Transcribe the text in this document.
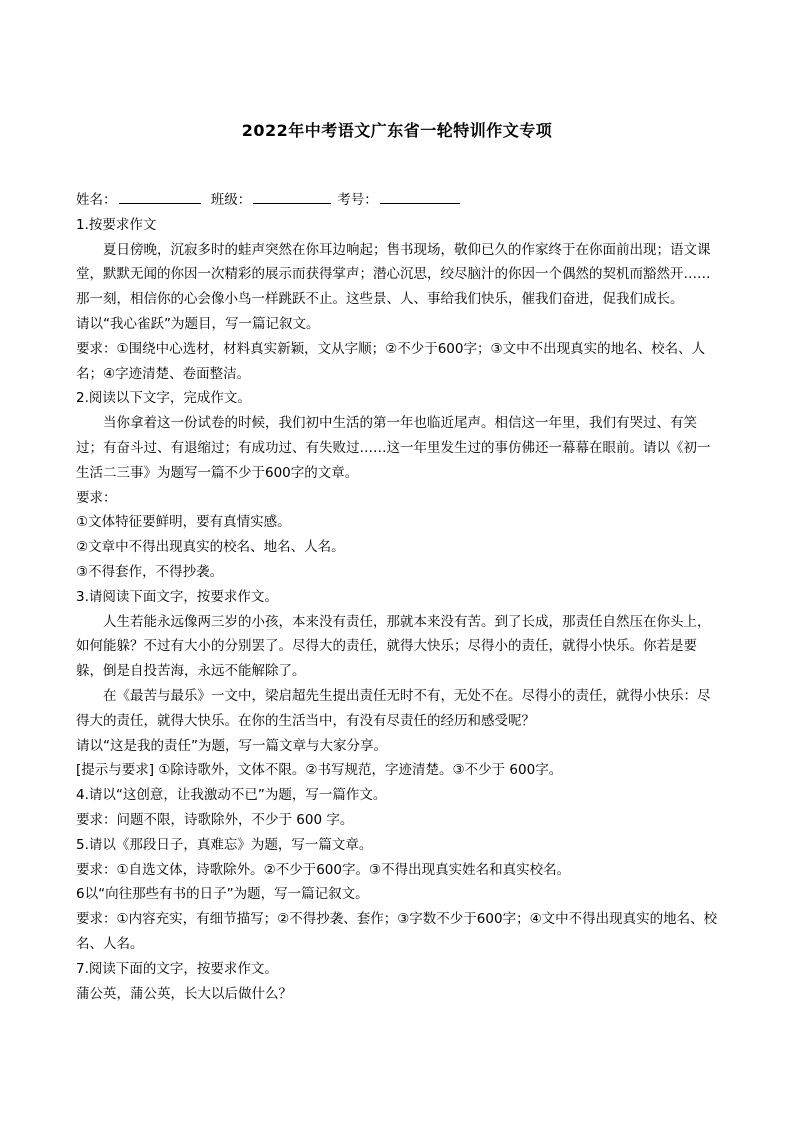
2022年中考语文广东省一轮特训作文专项
姓名：	班级：	考号：

1.按要求作文

夏日傍晚，沉寂多时的蛙声突然在你耳边响起；售书现场，敬仰已久的作家终于在你面前出现；语文课堂，默默无闻的你因一次精彩的展示而获得掌声；潜心沉思，绞尽脑汁的你因一个偶然的契机而豁然开……那一刻，相信你的心会像小鸟一样跳跃不止。这些景、人、事给我们快乐，催我们奋进，促我们成长。

请以“我心雀跃”为题目，写一篇记叙文。

要求：①围绕中心选材，材料真实新颖，文从字顺；②不少于600字；③文中不出现真实的地名、校名、人名；④字迹清楚、卷面整洁。

2.阅读以下文字，完成作文。

当你拿着这一份试卷的时候，我们初中生活的第一年也临近尾声。相信这一年里，我们有哭过、有笑过；有奋斗过、有退缩过；有成功过、有失败过……这一年里发生过的事仿佛还一幕幕在眼前。请以《初一生活二三事》为题写一篇不少于600字的文章。

要求：

①文体特征要鲜明，要有真情实感。

②文章中不得出现真实的校名、地名、人名。

③不得套作，不得抄袭。

3.请阅读下面文字，按要求作文。

人生若能永远像两三岁的小孩，本来没有责任，那就本来没有苦。到了长成，那责任自然压在你头上，如何能躲？不过有大小的分别罢了。尽得大的责任，就得大快乐；尽得小的责任，就得小快乐。你若是要躲，倒是自投苦海，永远不能解除了。

在《最苦与最乐》一文中，梁启超先生提出责任无时不有，无处不在。尽得小的责任，就得小快乐：尽得大的责任，就得大快乐。在你的生活当中，有没有尽责任的经历和感受呢？

请以“这是我的责任”为题，写一篇文章与大家分享。

[提示与要求] ①除诗歌外，文体不限。②书写规范，字迹清楚。③不少于 600字。

4.请以“这创意，让我激动不已”为题，写一篇作文。

要求：问题不限，诗歌除外，不少于 600 字。

5.请以《那段日子，真难忘》为题，写一篇文章。

要求：①自选文体，诗歌除外。②不少于600字。③不得出现真实姓名和真实校名。

6以“向往那些有书的日子”为题，写一篇记叙文。

要求：①内容充实，有细节描写；②不得抄袭、套作；③字数不少于600字；④文中不得出现真实的地名、校名、人名。

7.阅读下面的文字，按要求作文。

蒲公英，蒲公英，长大以后做什么？
